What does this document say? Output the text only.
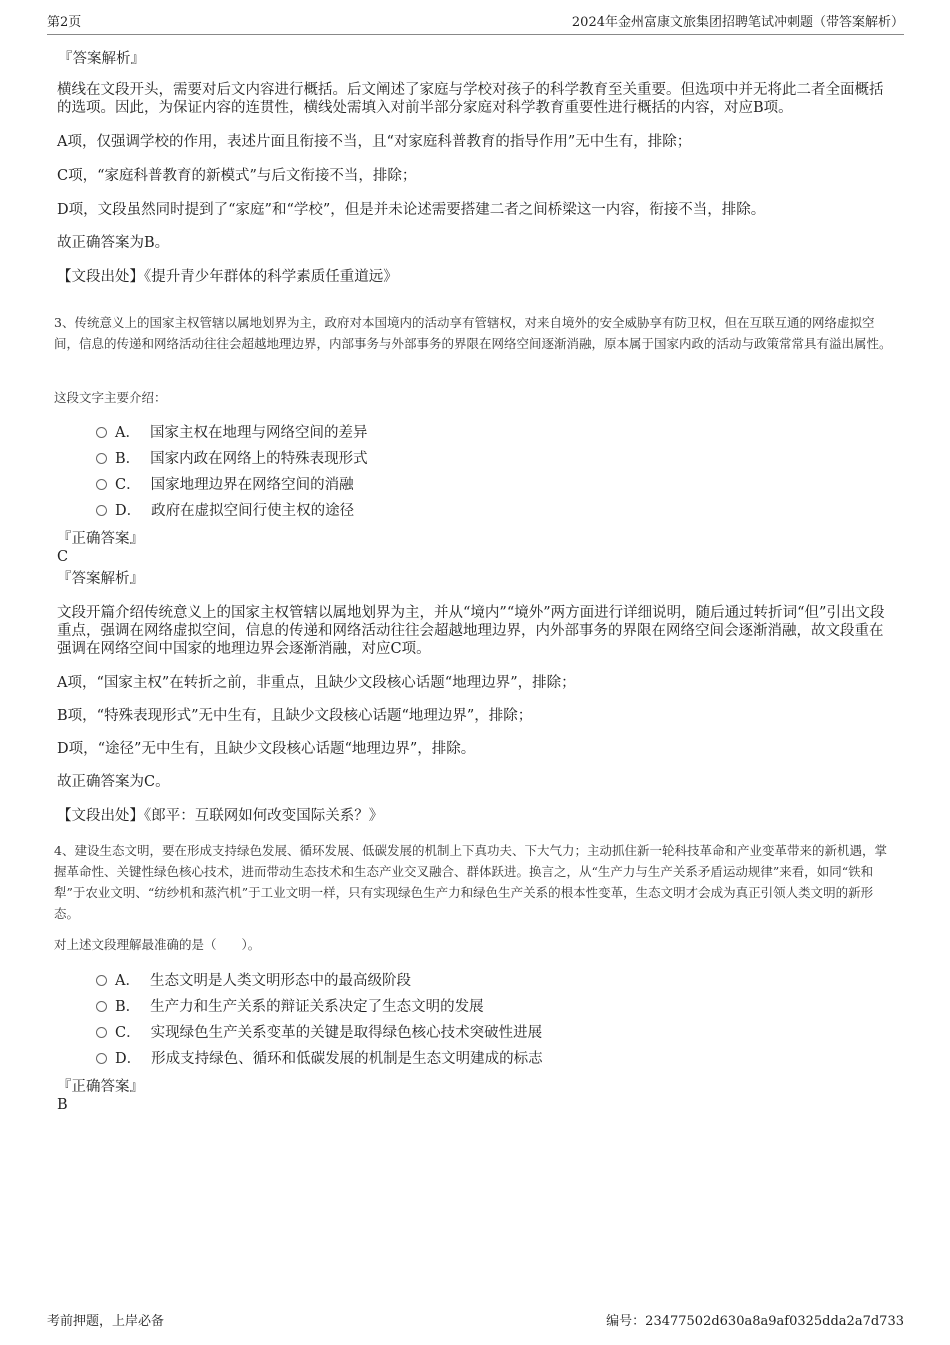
第2页	2024年金州富康文旅集团招聘笔试冲刺题（带答案解析）
『答案解析』
横线在文段开头，需要对后文内容进行概括。后文阐述了家庭与学校对孩子的科学教育至关重要。但选项中并无将此二者全面概括的选项。因此，为保证内容的连贯性，横线处需填入对前半部分家庭对科学教育重要性进行概括的内容，对应B项。
A项，仅强调学校的作用，表述片面且衔接不当，且“对家庭科普教育的指导作用”无中生有，排除；
C项，“家庭科普教育的新模式”与后文衔接不当，排除；
D项，文段虽然同时提到了“家庭”和“学校”，但是并未论述需要搭建二者之间桥梁这一内容，衔接不当，排除。
故正确答案为B。
【文段出处】《提升青少年群体的科学素质任重道远》
3、传统意义上的国家主权管辖以属地划界为主，政府对本国境内的活动享有管辖权，对来自境外的安全威胁享有防卫权，但在互联互通的网络虚拟空间，信息的传递和网络活动往往会超越地理边界，内部事务与外部事务的界限在网络空间逐渐消融，原本属于国家内政的活动与政策常常具有溢出属性。
这段文字主要介绍：
A． 国家主权在地理与网络空间的差异
B． 国家内政在网络上的特殊表现形式
C． 国家地理边界在网络空间的消融
D． 政府在虚拟空间行使主权的途径
『正确答案』
C
『答案解析』
文段开篇介绍传统意义上的国家主权管辖以属地划界为主，并从“境内”“境外”两方面进行详细说明，随后通过转折词“但”引出文段重点，强调在网络虚拟空间，信息的传递和网络活动往往会超越地理边界，内外部事务的界限在网络空间会逐渐消融，故文段重在强调在网络空间中国家的地理边界会逐渐消融，对应C项。
A项，“国家主权”在转折之前，非重点，且缺少文段核心话题“地理边界”，排除；
B项，“特殊表现形式”无中生有，且缺少文段核心话题“地理边界”，排除；
D项，“途径”无中生有，且缺少文段核心话题“地理边界”，排除。
故正确答案为C。
【文段出处】《郎平：互联网如何改变国际关系？》
4、建设生态文明，要在形成支持绿色发展、循环发展、低碳发展的机制上下真功夫、下大气力；主动抓住新一轮科技革命和产业变革带来的新机遇，掌握革命性、关键性绿色核心技术，进而带动生态技术和生态产业交叉融合、群体跃进。换言之，从“生产力与生产关系矛盾运动规律”来看，如同“铁和犁”于农业文明、“纺纱机和蒸汽机”于工业文明一样，只有实现绿色生产力和绿色生产关系的根本性变革，生态文明才会成为真正引领人类文明的新形态。
对上述文段理解最准确的是（　　）。
A． 生态文明是人类文明形态中的最高级阶段
B． 生产力和生产关系的辩证关系决定了生态文明的发展
C． 实现绿色生产关系变革的关键是取得绿色核心技术突破性进展
D． 形成支持绿色、循环和低碳发展的机制是生态文明建成的标志
『正确答案』
B
考前押题，上岸必备	编号：23477502d630a8a9af0325dda2a7d733
